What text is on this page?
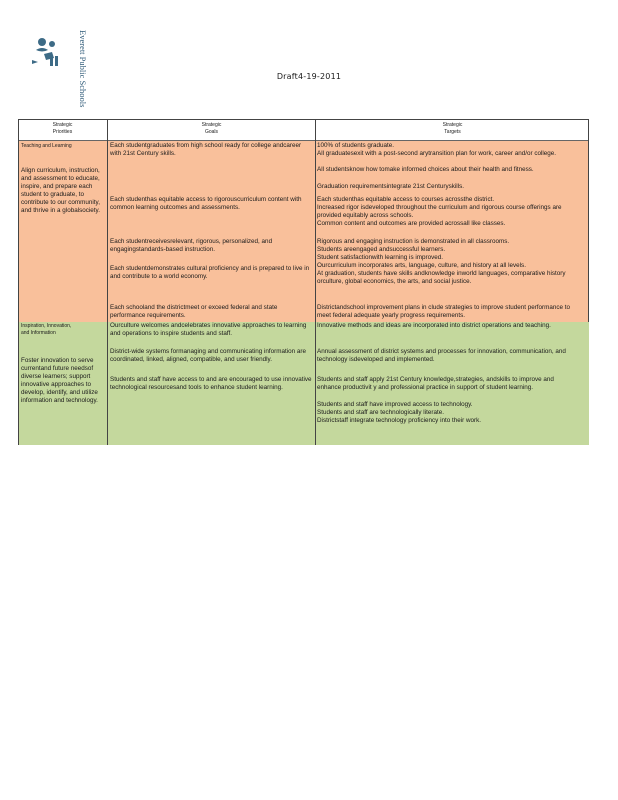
Everett Public Schools	Draft4-19-2011

Strategic

Priorities

Strategic

Goals

Strategic

Targets

Teaching and Learning
Align curriculum, instruction, and assessment to educate, inspire, and prepare each student to graduate, to contribute to our community, and thrive in a globalsociety.
Each studentgraduates from high school ready for college andcareer with 21st Century skills.
Each studenthas equitable access to rigorouscurriculum content with common learning outcomes and assessments.
Each studentreceivesrelevant, rigorous, personalized, and engagingstandards-based instruction.
Each studentdemonstrates cultural proficiency and is prepared to live in and contribute to a world economy.
Each schooland the districtmeet or exceed federal and state performance requirements.
100% of students graduate.
All graduatesexit with a post-second arytransition plan for work, career and/or college.
All studentsknow how tomake informed choices about their health and fitness.
Graduation requirementsintegrate 21st Centuryskills.
Each studenthas equitable access to courses acrossthe district.
Increased rigor isdeveloped throughout the curriculum and rigorous course offerings are provided equitably across schools.
Common content and outcomes are provided acrossall like classes.
Rigorous and engaging instruction is demonstrated in all classrooms.
Students areengaged andsuccessful learners.
Student satisfactionwith learning is improved.
Ourcurriculum incorporates arts, language, culture, and history at all levels.
At graduation, students have skills andknowledge inworld languages, comparative history orculture, global economics, the arts, and social justice.
Districtandschool improvement plans in clude strategies to improve student performance to meet federal adequate yearly progress requirements.
Inspiration, Innovation, and Information
Foster innovation to serve currentand future needsof diverse learners; support innovative approaches to develop, identify, and utilize information and technology.
Ourculture welcomes andcelebrates innovative approaches to learning and operations to inspire students and staff.
District-wide systems formanaging and communicating information are coordinated, linked, aligned, compatible, and user friendly.
Students and staff have access to and are encouraged to use innovative technological resourcesand tools to enhance student learning.
Innovative methods and ideas are incorporated into district operations and teaching.
Annual assessment of district systems and processes for innovation, communication, and technology isdeveloped and implemented.
Students and staff apply 21st Century knowledge,strategies, andskills to improve and enhance productivit y and professional practice in support of student learning.
Students and staff have improved access to technology.
Students and staff are technologically literate.
Districtstaff integrate technology proficiency into their work.
